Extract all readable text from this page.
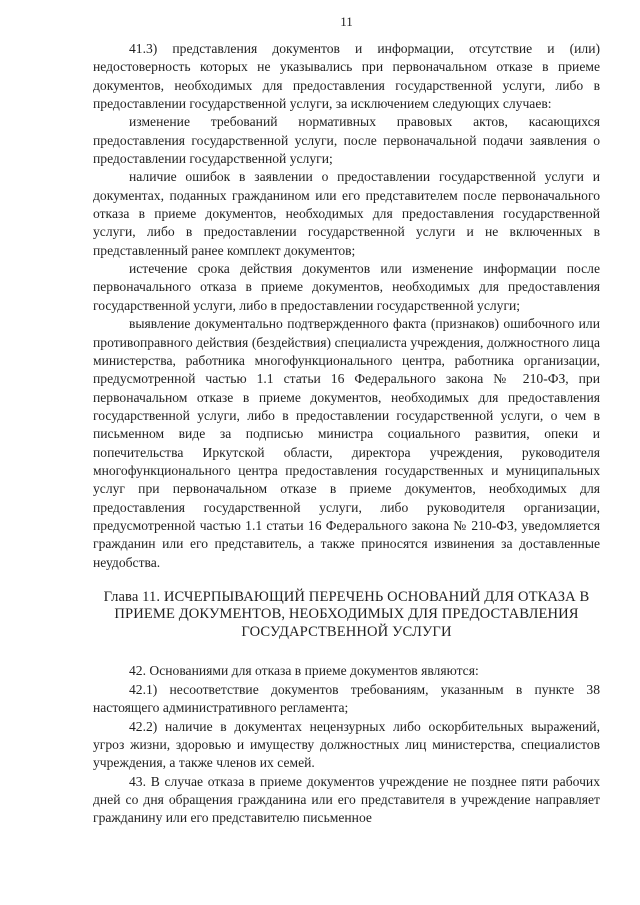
11

41.3) представления документов и информации, отсутствие и (или) недостоверность которых не указывались при первоначальном отказе в приеме документов, необходимых для предоставления государственной услуги, либо в предоставлении государственной услуги, за исключением следующих случаев:

изменение требований нормативных правовых актов, касающихся предоставления государственной услуги, после первоначальной подачи заявления о предоставлении государственной услуги;

наличие ошибок в заявлении о предоставлении государственной услуги и документах, поданных гражданином или его представителем после первоначального отказа в приеме документов, необходимых для предоставления государственной услуги, либо в предоставлении государственной услуги и не включенных в представленный ранее комплект документов;

истечение срока действия документов или изменение информации после первоначального отказа в приеме документов, необходимых для предоставления государственной услуги, либо в предоставлении государственной услуги;

выявление документально подтвержденного факта (признаков) ошибочного или противоправного действия (бездействия) специалиста учреждения, должностного лица министерства, работника многофункционального центра, работника организации, предусмотренной частью 1.1 статьи 16 Федерального закона № 210-ФЗ, при первоначальном отказе в приеме документов, необходимых для предоставления государственной услуги, либо в предоставлении государственной услуги, о чем в письменном виде за подписью министра социального развития, опеки и попечительства Иркутской области, директора учреждения, руководителя многофункционального центра предоставления государственных и муниципальных услуг при первоначальном отказе в приеме документов, необходимых для предоставления государственной услуги, либо руководителя организации, предусмотренной частью 1.1 статьи 16 Федерального закона № 210-ФЗ, уведомляется гражданин или его представитель, а также приносятся извинения за доставленные неудобства.

Глава 11. ИСЧЕРПЫВАЮЩИЙ ПЕРЕЧЕНЬ ОСНОВАНИЙ ДЛЯ ОТКАЗА В
ПРИЕМЕ ДОКУМЕНТОВ, НЕОБХОДИМЫХ ДЛЯ ПРЕДОСТАВЛЕНИЯ
ГОСУДАРСТВЕННОЙ УСЛУГИ

42. Основаниями для отказа в приеме документов являются:

42.1) несоответствие документов требованиям, указанным в пункте 38 настоящего административного регламента;

42.2) наличие в документах нецензурных либо оскорбительных выражений, угроз жизни, здоровью и имуществу должностных лиц министерства, специалистов учреждения, а также членов их семей.

43. В случае отказа в приеме документов учреждение не позднее пяти рабочих дней со дня обращения гражданина или его представителя в учреждение направляет гражданину или его представителю письменное
